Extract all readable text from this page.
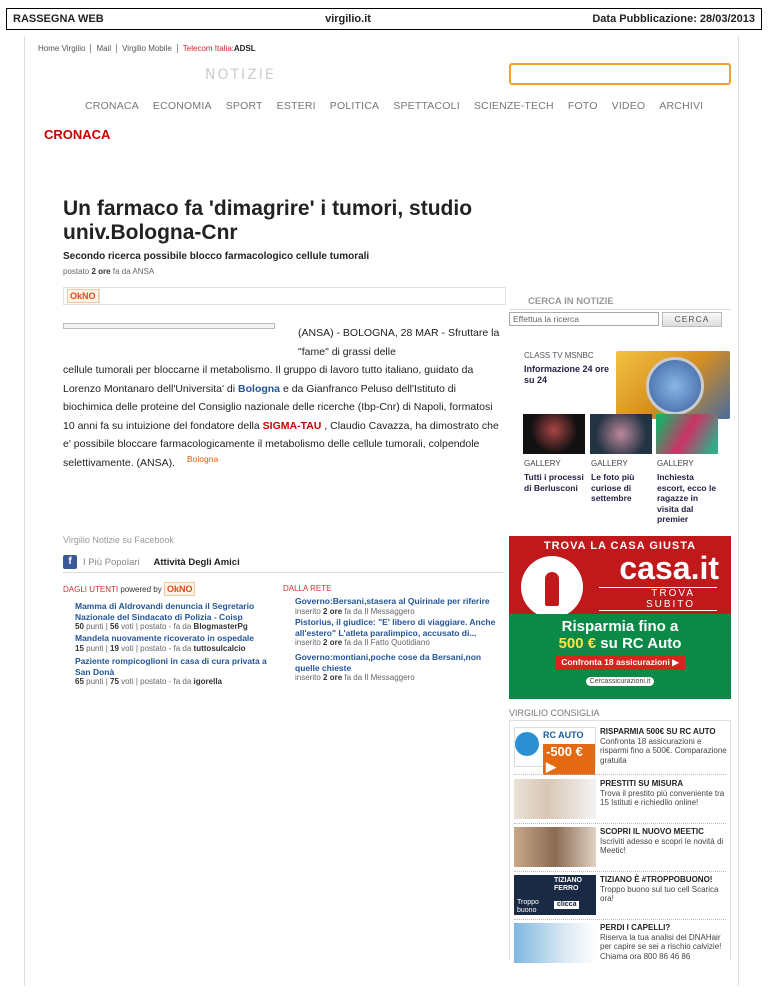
RASSEGNA WEB	virgilio.it	Data Pubblicazione: 28/03/2013
Home Virgilio	Mail	Virgilio Mobile	Telecom Italia:ADSL
NOTIZIE
CRONACA ECONOMIA SPORT ESTERI POLITICA SPETTACOLI SCIENZE-TECH FOTO VIDEO ARCHIVI
CRONACA
Un farmaco fa 'dimagrire' i tumori, studio univ.Bologna-Cnr
Secondo ricerca possibile blocco farmacologico cellule tumorali
postato 2 ore fa da ANSA
OkNO
(ANSA) - BOLOGNA, 28 MAR - Sfruttare la "fame" di grassi delle
cellule tumorali per bloccarne il metabolismo. Il gruppo di lavoro tutto italiano, guidato da Lorenzo Montanaro dell'Universita' di Bologna e da Gianfranco Peluso dell'Istituto di biochimica delle proteine del Consiglio nazionale delle ricerche (Ibp-Cnr) di Napoli, formatosi 10 anni fa su intuizione del fondatore della SIGMA-TAU , Claudio Cavazza, ha dimostrato che e' possibile bloccare farmacologicamente il metabolismo delle cellule tumorali, colpendole selettivamente. (ANSA).	Bologna
CERCA IN NOTIZIE
Effettua la ricerca	CERCA
CLASS TV MSNBC
Informazione 24 ore su 24
GALLERY	GALLERY	GALLERY
Tutti i processi di Berlusconi
Le foto più curiose di settembre
Inchiesta escort, ecco le ragazze in visita dal premier
Virgilio Notizie su Facebook
f	I Più Popolari Attività Degli Amici
DAGLI UTENTI powered by OkNO	DALLA RETE
Mamma di Aldrovandi denuncia il Segretario Nazionale del Sindacato di Polizia - Coisp
50 punti | 56 voti | postato - fa da BlogmasterPg
Mandela nuovamente ricoverato in ospedale
15 punti | 19 voti | postato - fa da tuttosulcalcio
Paziente rompicoglioni in casa di cura privata a San Donà
65 punti | 75 voti | postato - fa da igorella
Governo:Bersani,stasera al Quirinale per riferire
inserito 2 ore fa da Il Messaggero
Pistorius, il giudice: "E' libero di viaggiare. Anche all'estero" L'atleta paralimpico, accusato di...
inserito 2 ore fa da Il Fatto Quotidiano
Governo:montiani,poche cose da Bersani,non quelle chieste
inserito 2 ore fa da Il Messaggero
TROVA LA CASA GIUSTA
casa.it
TROVA SUBITO
Risparmia fino a
500 € su RC Auto
Confronta 18 assicurazioni ▶
Cercassicurazioni.it
VIRGILIO CONSIGLIA
RC AUTO
-500 € ▶
RISPARMIA 500€ SU RC AUTO
Confronta 18 assicurazioni e risparmi fino a 500€. Comparazione gratuita
PRESTITI SU MISURA
Trova il prestito più conveniente tra 15 Istituti e richiedilo online!
SCOPRI IL NUOVO MEETIC
Iscriviti adesso e scopri le novità di Meetic!
TIZIANO FERRO
clicca
Troppo buono
TIZIANO È #TROPPOBUONO!
Troppo buono sul tuo cell Scarica ora!
PERDI I CAPELLI?
Riserva la tua analisi del DNAHair per capire se sei a rischio calvizie! Chiama ora 800 86 46 86
